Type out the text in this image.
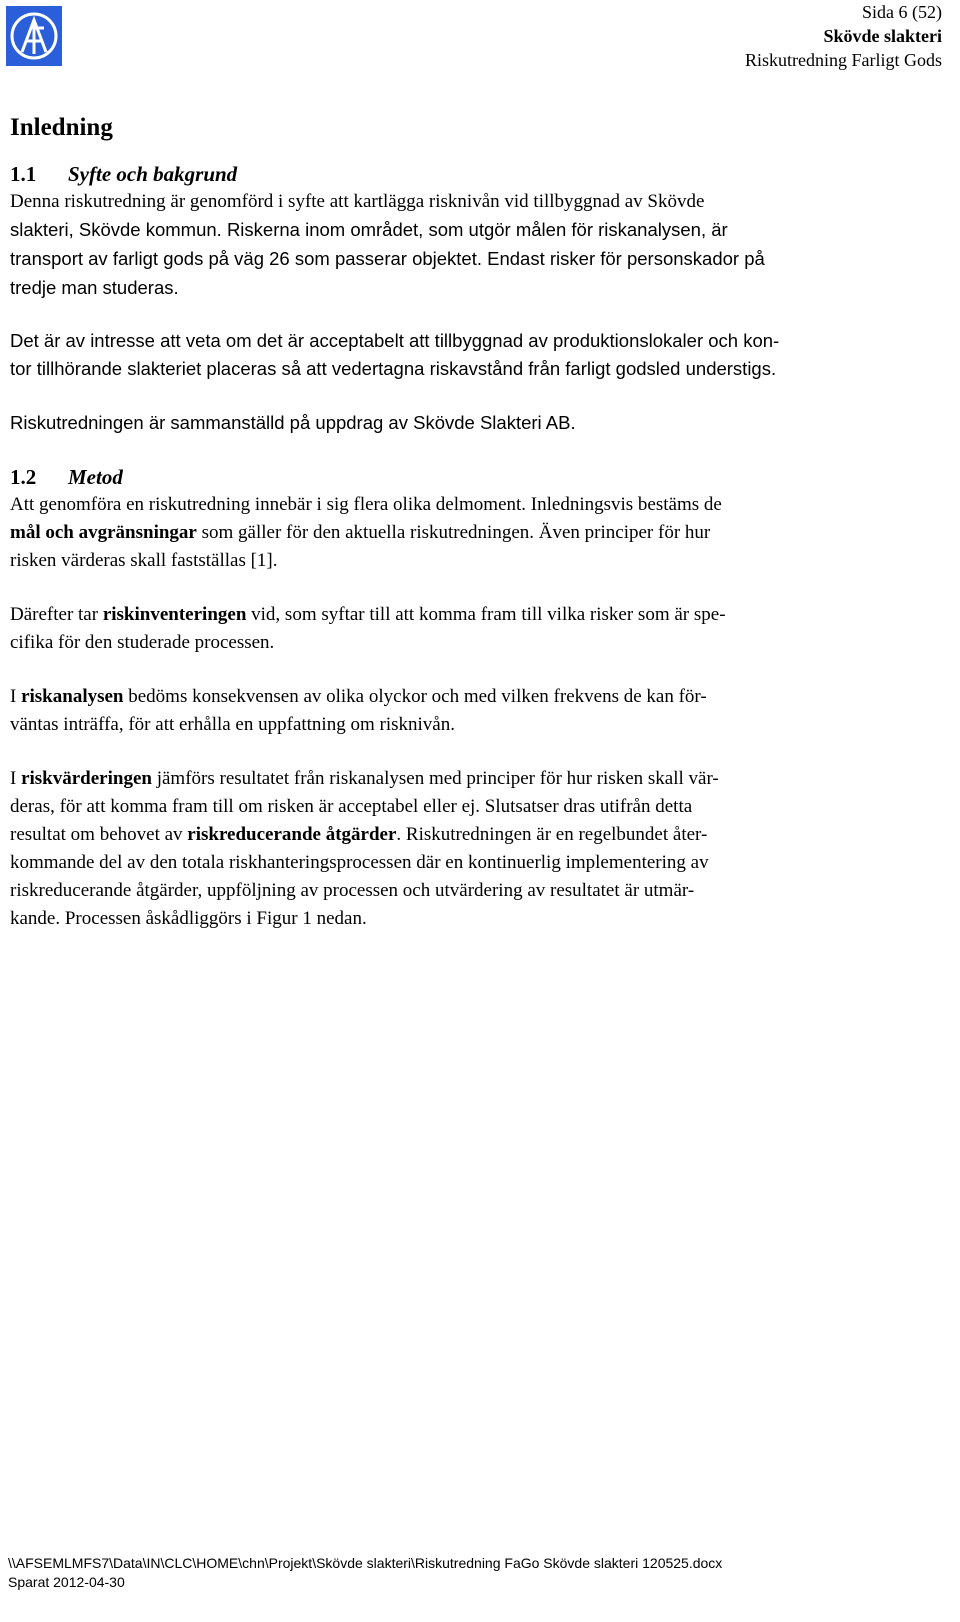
Sida 6 (52)
Skövde slakteri
Riskutredning Farligt Gods
Inledning
1.1 Syfte och bakgrund

Denna riskutredning är genomförd i syfte att kartlägga risknivån vid tillbyggnad av Skövde
slakteri, Skövde kommun. Riskerna inom området, som utgör målen för riskanalysen, är
transport av farligt gods på väg 26 som passerar objektet. Endast risker för personskador på
tredje man studeras.

Det är av intresse att veta om det är acceptabelt att tillbyggnad av produktionslokaler och kon-
tor tillhörande slakteriet placeras så att vedertagna riskavstånd från farligt godsled understigs.

Riskutredningen är sammanställd på uppdrag av Skövde Slakteri AB.

1.2 Metod

Att genomföra en riskutredning innebär i sig flera olika delmoment. Inledningsvis bestäms de
mål och avgränsningar som gäller för den aktuella riskutredningen. Även principer för hur
risken värderas skall fastställas [1].

Därefter tar riskinventeringen vid, som syftar till att komma fram till vilka risker som är spe-
cifika för den studerade processen.

I riskanalysen bedöms konsekvensen av olika olyckor och med vilken frekvens de kan för-
väntas inträffa, för att erhålla en uppfattning om risknivån.

I riskvärderingen jämförs resultatet från riskanalysen med principer för hur risken skall vär-
deras, för att komma fram till om risken är acceptabel eller ej. Slutsatser dras utifrån detta
resultat om behovet av riskreducerande åtgärder. Riskutredningen är en regelbundet åter-
kommande del av den totala riskhanteringsprocessen där en kontinuerlig implementering av
riskreducerande åtgärder, uppföljning av processen och utvärdering av resultatet är utmär-
kande. Processen åskådliggörs i Figur 1 nedan.

\\AFSEMLMFS7\Data\IN\CLC\HOME\chn\Projekt\Skövde slakteri\Riskutredning FaGo Skövde slakteri 120525.docx
Sparat 2012-04-30
